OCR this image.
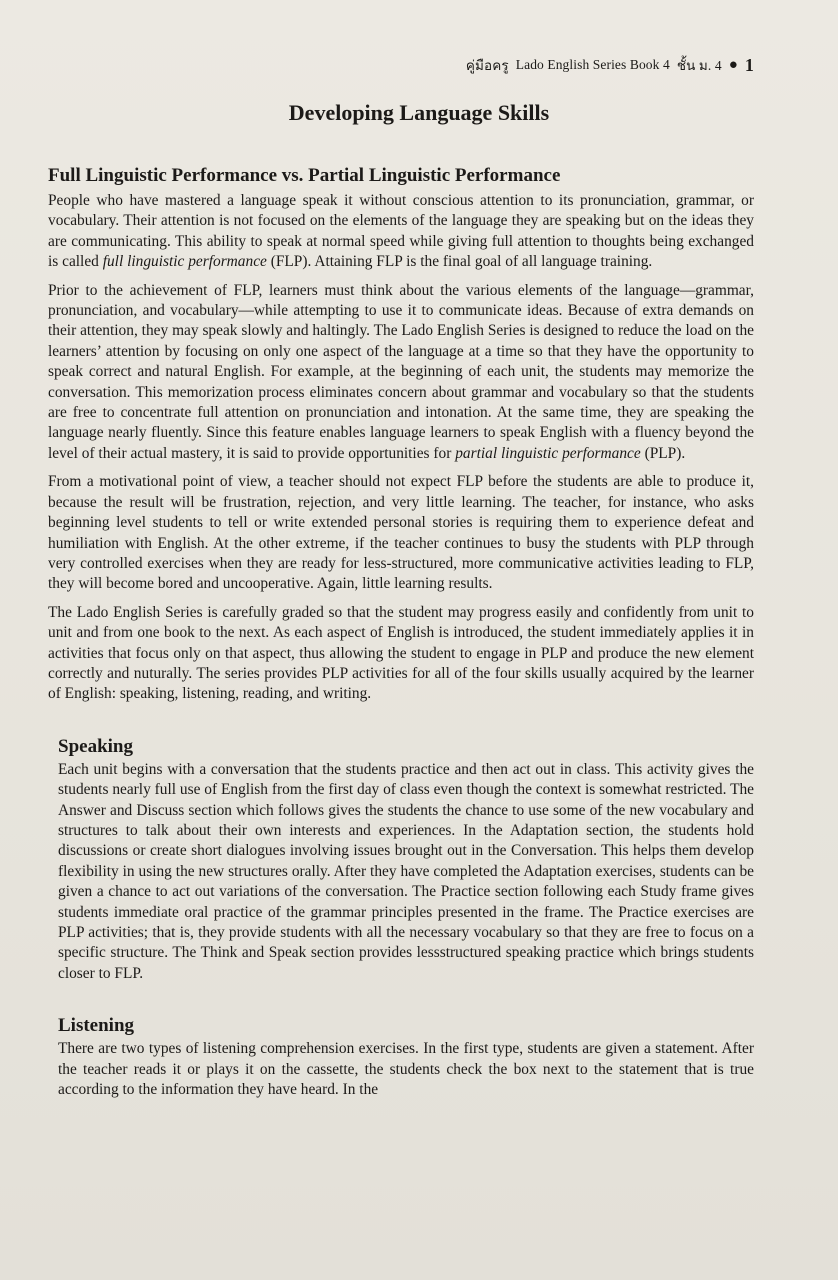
คู่มือครู Lado English Series Book 4 ชั้น ม. 4 ● 1
Developing Language Skills
Full Linguistic Performance vs. Partial Linguistic Performance

People who have mastered a language speak it without conscious attention to its pronunciation, grammar, or vocabulary. Their attention is not focused on the elements of the language they are speaking but on the ideas they are communicating. This ability to speak at normal speed while giving full attention to thoughts being exchanged is called full linguistic performance (FLP). Attaining FLP is the final goal of all language training.

Prior to the achievement of FLP, learners must think about the various elements of the language—grammar, pronunciation, and vocabulary—while attempting to use it to communicate ideas. Because of extra demands on their attention, they may speak slowly and haltingly. The Lado English Series is designed to reduce the load on the learners’ attention by focusing on only one aspect of the language at a time so that they have the opportunity to speak correct and natural English. For example, at the beginning of each unit, the students may memorize the conversation. This memorization process eliminates concern about grammar and vocabulary so that the students are free to concentrate full attention on pronunciation and intonation. At the same time, they are speaking the language nearly fluently. Since this feature enables language learners to speak English with a fluency beyond the level of their actual mastery, it is said to provide opportunities for partial linguistic performance (PLP).

From a motivational point of view, a teacher should not expect FLP before the students are able to produce it, because the result will be frustration, rejection, and very little learning. The teacher, for instance, who asks beginning level students to tell or write extended personal stories is requiring them to experience defeat and humiliation with English. At the other extreme, if the teacher continues to busy the students with PLP through very controlled exercises when they are ready for less-structured, more communicative activities leading to FLP, they will become bored and uncooperative. Again, little learning results.

The Lado English Series is carefully graded so that the student may progress easily and confidently from unit to unit and from one book to the next. As each aspect of English is introduced, the student immediately applies it in activities that focus only on that aspect, thus allowing the student to engage in PLP and produce the new element correctly and nuturally. The series provides PLP activities for all of the four skills usually acquired by the learner of English: speaking, listening, reading, and writing.

Speaking

Each unit begins with a conversation that the students practice and then act out in class. This activity gives the students nearly full use of English from the first day of class even though the context is somewhat restricted. The Answer and Discuss section which follows gives the students the chance to use some of the new vocabulary and structures to talk about their own interests and experiences. In the Adaptation section, the students hold discussions or create short dialogues involving issues brought out in the Conversation. This helps them develop flexibility in using the new structures orally. After they have completed the Adaptation exercises, students can be given a chance to act out variations of the conversation. The Practice section following each Study frame gives students immediate oral practice of the grammar principles presented in the frame. The Practice exercises are PLP activities; that is, they provide students with all the necessary vocabulary so that they are free to focus on a specific structure. The Think and Speak section provides lessstructured speaking practice which brings students closer to FLP.

Listening

There are two types of listening comprehension exercises. In the first type, students are given a statement. After the teacher reads it or plays it on the cassette, the students check the box next to the statement that is true according to the information they have heard. In the
